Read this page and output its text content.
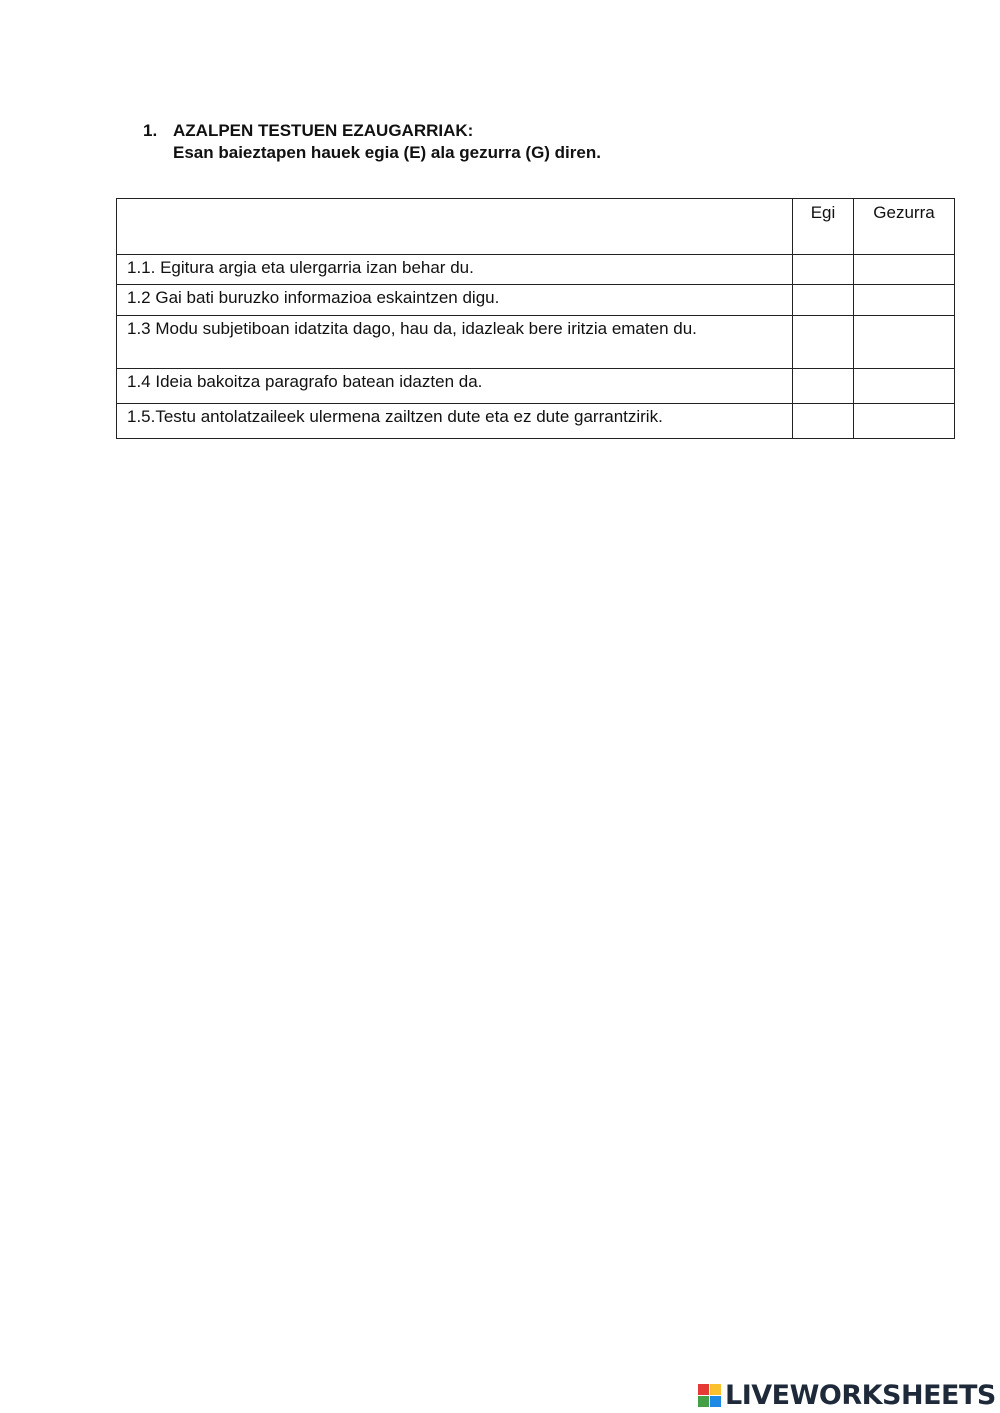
1. AZALPEN TESTUEN EZAUGARRIAK:
Esan baieztapen hauek egia (E) ala gezurra (G) diren.
	Egi	Gezurra
1.1. Egitura argia eta ulergarria izan behar du.		
1.2 Gai bati buruzko informazioa eskaintzen digu.		
1.3 Modu subjetiboan idatzita dago, hau da, idazleak bere iritzia ematen du.		
1.4 Ideia bakoitza paragrafo batean idazten da.		
1.5.Testu antolatzaileek ulermena zailtzen dute eta ez dute garrantzirik.		
LIVEWORKSHEETS
